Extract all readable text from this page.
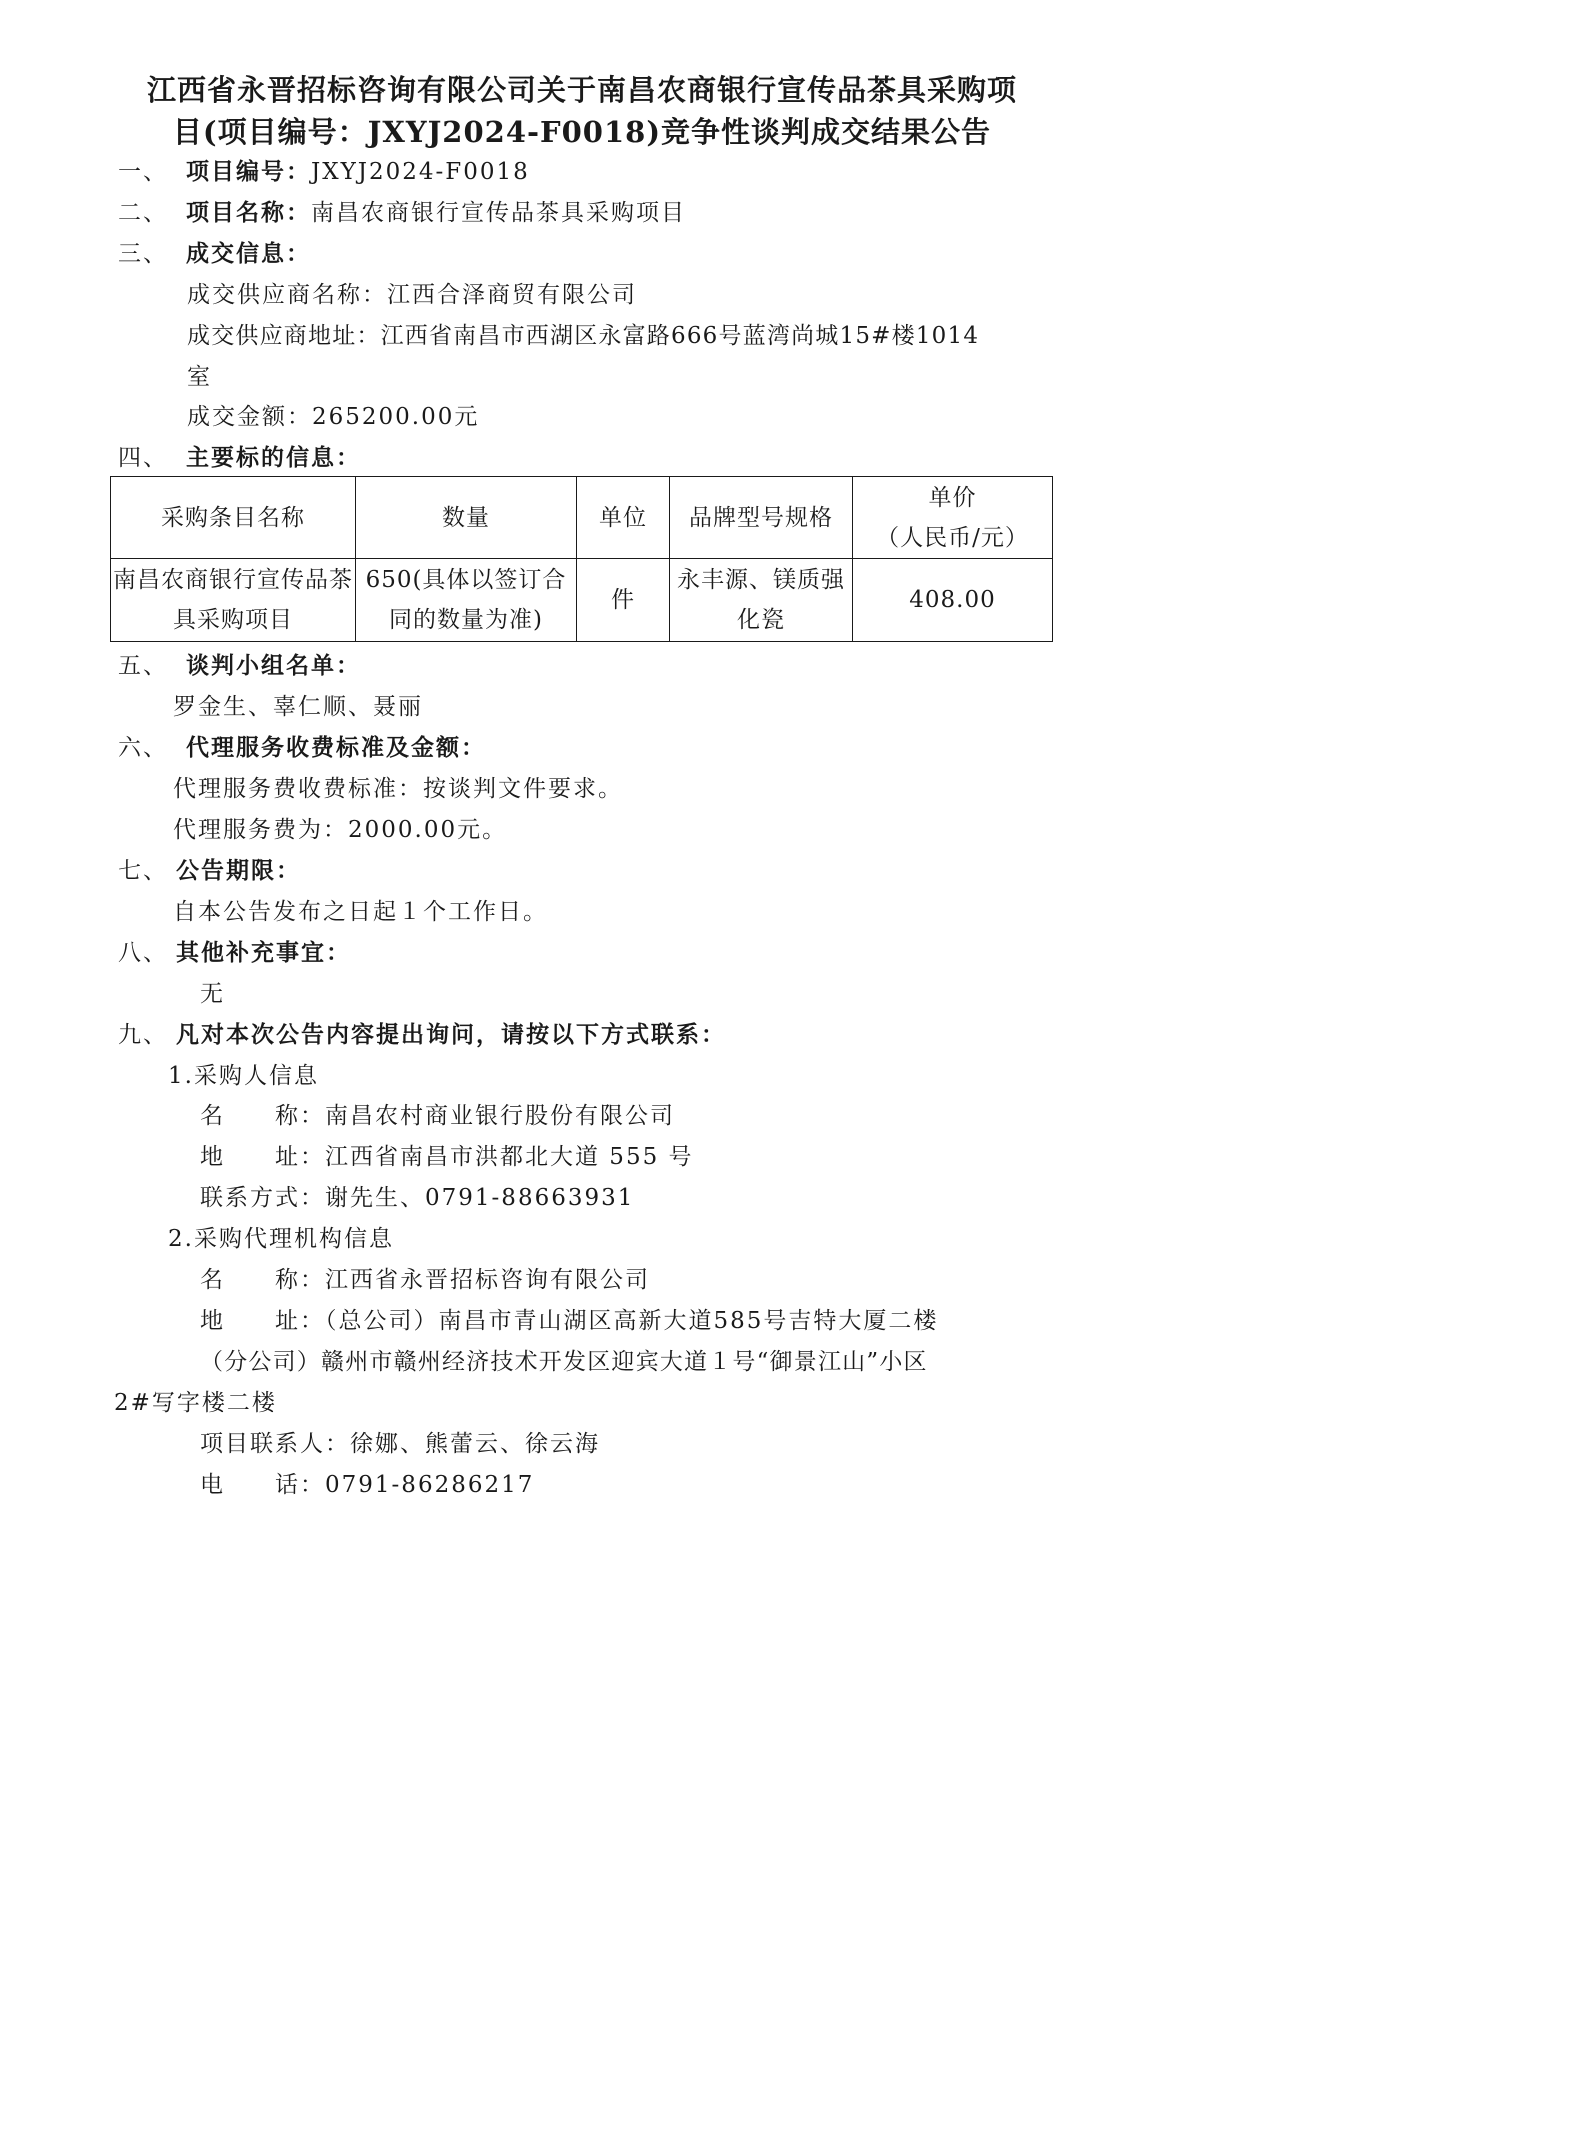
江西省永晋招标咨询有限公司关于南昌农商银行宣传品茶具采购项
目(项目编号：JXYJ2024-F0018)竞争性谈判成交结果公告
一、 项目编号：JXYJ2024-F0018
二、 项目名称：南昌农商银行宣传品茶具采购项目
三、 成交信息：
成交供应商名称：江西合泽商贸有限公司
成交供应商地址：江西省南昌市西湖区永富路666号蓝湾尚城15#楼1014
室
成交金额：265200.00元
四、 主要标的信息：
采购条目名称	数量	单位	品牌型号规格	单价
（人民币/元）

南昌农商银行宣传品茶具采购项目	650(具体以签订合同的数量为准)	件	永丰源、镁质强化瓷	408.00
五、 谈判小组名单：
罗金生、辜仁顺、聂丽
六、 代理服务收费标准及金额：
代理服务费收费标准：按谈判文件要求。
代理服务费为：2000.00元。
七、 公告期限：
自本公告发布之日起１个工作日。
八、 其他补充事宜：
无
九、 凡对本次公告内容提出询问，请按以下方式联系：
1.采购人信息
名　　称：南昌农村商业银行股份有限公司
地　　址：江西省南昌市洪都北大道 555 号
联系方式：谢先生、0791-88663931
2.采购代理机构信息
名　　称：江西省永晋招标咨询有限公司
地　　址：（总公司）南昌市青山湖区高新大道585号吉特大厦二楼
（分公司）赣州市赣州经济技术开发区迎宾大道１号“御景江山”小区
2#写字楼二楼
项目联系人：徐娜、熊蕾云、徐云海
电　　话：0791-86286217
